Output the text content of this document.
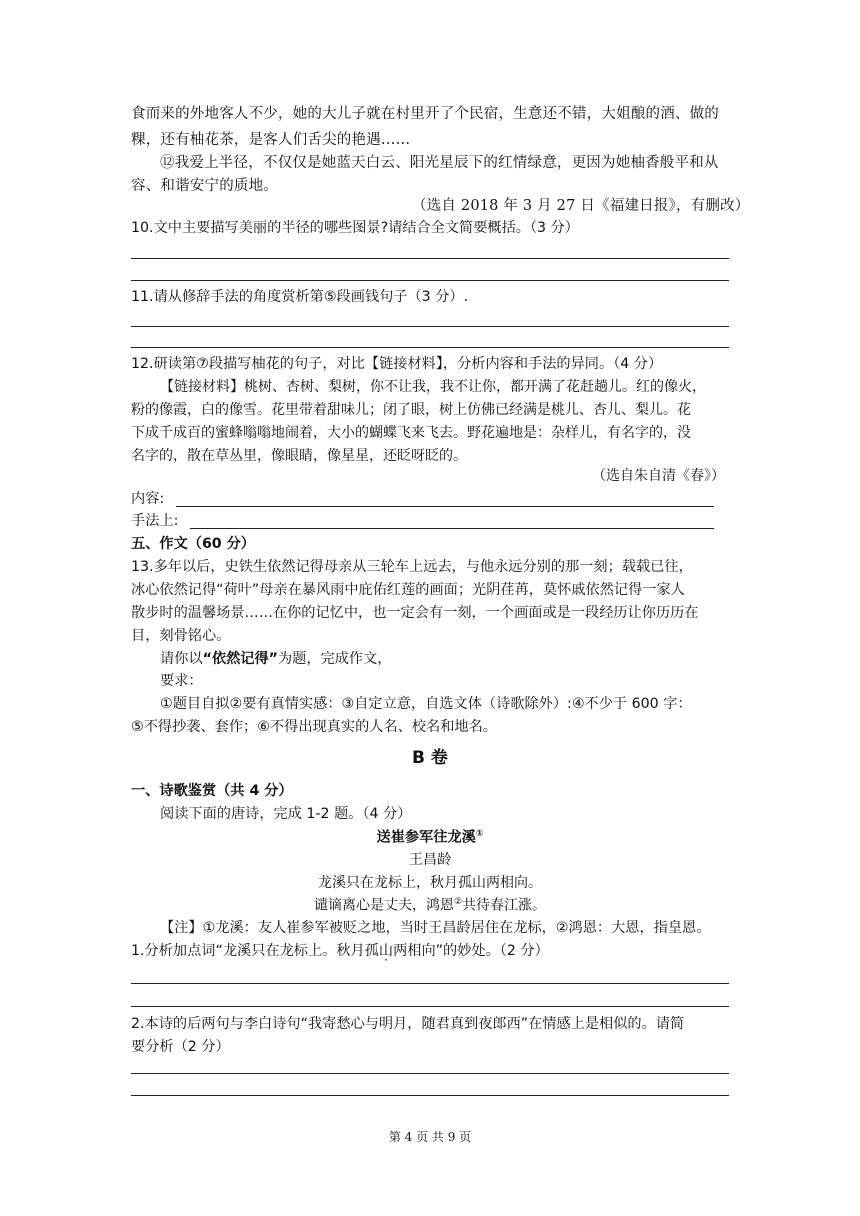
食而来的外地客人不少，她的大儿子就在村里开了个民宿，生意还不错，大姐酿的酒、做的
粿，还有柚花茶，是客人们舌尖的艳遇……
⑫我爱上半径，不仅仅是她蓝天白云、阳光星辰下的红情绿意，更因为她柚香般平和从
容、和谐安宁的质地。
（选自 2018 年 3 月 27 日《福建日报》，有删改）
10.文中主要描写美丽的半径的哪些图景?请结合全文简要概括。（3 分）
11.请从修辞手法的角度赏析第⑤段画钱句子（3 分）.
12.研读第⑦段描写柚花的句子，对比【链接材料】，分析内容和手法的异同。（4 分）
【链接材料】桃树、杏树、梨树，你不让我，我不让你，都开满了花赶趟儿。红的像火，
粉的像霞，白的像雪。花里带着甜味儿；闭了眼，树上仿佛已经满是桃儿、杏儿、梨儿。花
下成千成百的蜜蜂嗡嗡地闹着，大小的蝴蝶飞来飞去。野花遍地是：杂样儿，有名字的，没
名字的，散在草丛里，像眼睛，像星星，还眨呀眨的。
（选自朱自清《春》）
内容:
手法上:
五、作文（60 分）
13.多年以后，史铁生依然记得母亲从三轮车上远去，与他永远分别的那一刻；载载已往，
冰心依然记得“荷叶”母亲在暴风雨中庇佑红莲的画面；光阴荏苒，莫怀戚依然记得一家人
散步时的温馨场景……在你的记忆中，也一定会有一刻，一个画面或是一段经历让你历历在
目，刻骨铭心。
请你以“依然记得”为题，完成作文，
要求：
①题目自拟②要有真情实感：③自定立意，自选文体（诗歌除外）:④不少于 600 字：
⑤不得抄袭、套作；⑥不得出现真实的人名、校名和地名。
B 卷
一、诗歌鉴赏（共 4 分）
阅读下面的唐诗，完成 1-2 题。（4 分）
送崔参军往龙溪①
王昌龄
龙溪只在龙标上，秋月孤山两相向。
谴谪离心是丈夫，鸿恩②共待春江涨。
【注】①龙溪：友人崔参军被贬之地，当时王昌龄居住在龙标，②鸿恩：大恩，指皇恩。
1.分析加点词“龙溪只在龙标上。秋月孤山两相向”的妙处。（2 分）
2.本诗的后两句与李白诗句“我寄愁心与明月，随君真到夜郎西”在情感上是相似的。请简
要分析（2 分）
第 4 页 共 9 页
